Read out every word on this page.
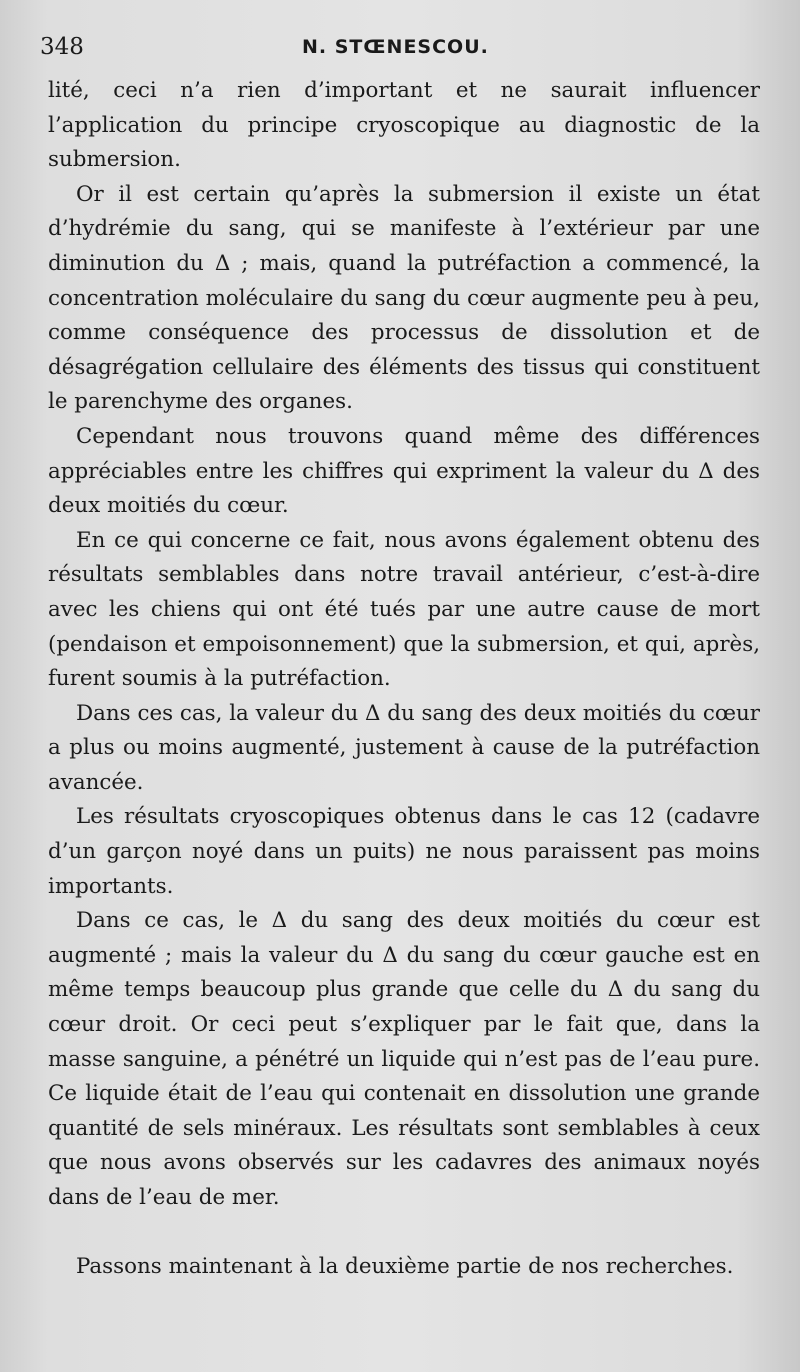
348	N. STŒNESCOU.

lité, ceci n’a rien d’important et ne saurait influencer l’application du principe cryoscopique au diagnostic de la submersion.

Or il est certain qu’après la submersion il existe un état d’hydrémie du sang, qui se manifeste à l’extérieur par une diminution du Δ ; mais, quand la putréfaction a commencé, la concentration moléculaire du sang du cœur augmente peu à peu, comme conséquence des processus de dissolution et de désagrégation cellulaire des éléments des tissus qui constituent le parenchyme des organes.

Cependant nous trouvons quand même des différences appréciables entre les chiffres qui expriment la valeur du Δ des deux moitiés du cœur.

En ce qui concerne ce fait, nous avons également obtenu des résultats semblables dans notre travail antérieur, c’est-à-dire avec les chiens qui ont été tués par une autre cause de mort (pendaison et empoisonnement) que la submersion, et qui, après, furent soumis à la putréfaction.

Dans ces cas, la valeur du Δ du sang des deux moitiés du cœur a plus ou moins augmenté, justement à cause de la putréfaction avancée.

Les résultats cryoscopiques obtenus dans le cas 12 (cadavre d’un garçon noyé dans un puits) ne nous paraissent pas moins importants.

Dans ce cas, le Δ du sang des deux moitiés du cœur est augmenté ; mais la valeur du Δ du sang du cœur gauche est en même temps beaucoup plus grande que celle du Δ du sang du cœur droit. Or ceci peut s’expliquer par le fait que, dans la masse sanguine, a pénétré un liquide qui n’est pas de l’eau pure. Ce liquide était de l’eau qui contenait en dissolution une grande quantité de sels minéraux. Les résultats sont semblables à ceux que nous avons observés sur les cadavres des animaux noyés dans de l’eau de mer.

Passons maintenant à la deuxième partie de nos recherches.
